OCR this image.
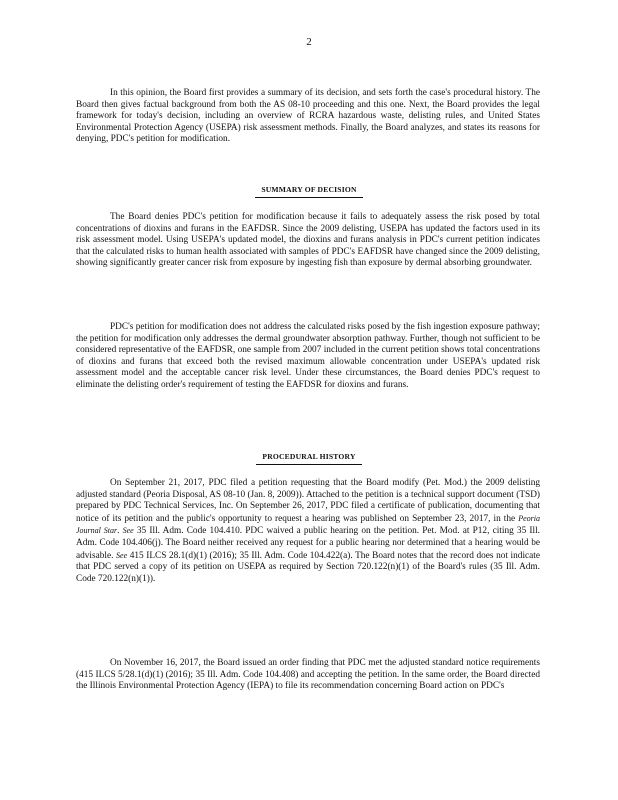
2

In this opinion, the Board first provides a summary of its decision, and sets forth the case's procedural history. The Board then gives factual background from both the AS 08-10 proceeding and this one. Next, the Board provides the legal framework for today's decision, including an overview of RCRA hazardous waste, delisting rules, and United States Environmental Protection Agency (USEPA) risk assessment methods. Finally, the Board analyzes, and states its reasons for denying, PDC's petition for modification.

SUMMARY OF DECISION

The Board denies PDC's petition for modification because it fails to adequately assess the risk posed by total concentrations of dioxins and furans in the EAFDSR. Since the 2009 delisting, USEPA has updated the factors used in its risk assessment model. Using USEPA's updated model, the dioxins and furans analysis in PDC's current petition indicates that the calculated risks to human health associated with samples of PDC's EAFDSR have changed since the 2009 delisting, showing significantly greater cancer risk from exposure by ingesting fish than exposure by dermal absorbing groundwater.

PDC's petition for modification does not address the calculated risks posed by the fish ingestion exposure pathway; the petition for modification only addresses the dermal groundwater absorption pathway. Further, though not sufficient to be considered representative of the EAFDSR, one sample from 2007 included in the current petition shows total concentrations of dioxins and furans that exceed both the revised maximum allowable concentration under USEPA's updated risk assessment model and the acceptable cancer risk level. Under these circumstances, the Board denies PDC's request to eliminate the delisting order's requirement of testing the EAFDSR for dioxins and furans.

PROCEDURAL HISTORY

On September 21, 2017, PDC filed a petition requesting that the Board modify (Pet. Mod.) the 2009 delisting adjusted standard (Peoria Disposal, AS 08-10 (Jan. 8, 2009)). Attached to the petition is a technical support document (TSD) prepared by PDC Technical Services, Inc. On September 26, 2017, PDC filed a certificate of publication, documenting that notice of its petition and the public's opportunity to request a hearing was published on September 23, 2017, in the Peoria Journal Star. See 35 Ill. Adm. Code 104.410. PDC waived a public hearing on the petition. Pet. Mod. at P12, citing 35 Ill. Adm. Code 104.406(j). The Board neither received any request for a public hearing nor determined that a hearing would be advisable. See 415 ILCS 28.1(d)(1) (2016); 35 Ill. Adm. Code 104.422(a). The Board notes that the record does not indicate that PDC served a copy of its petition on USEPA as required by Section 720.122(n)(1) of the Board's rules (35 Ill. Adm. Code 720.122(n)(1)).

On November 16, 2017, the Board issued an order finding that PDC met the adjusted standard notice requirements (415 ILCS 5/28.1(d)(1) (2016); 35 Ill. Adm. Code 104.408) and accepting the petition. In the same order, the Board directed the Illinois Environmental Protection Agency (IEPA) to file its recommendation concerning Board action on PDC's
